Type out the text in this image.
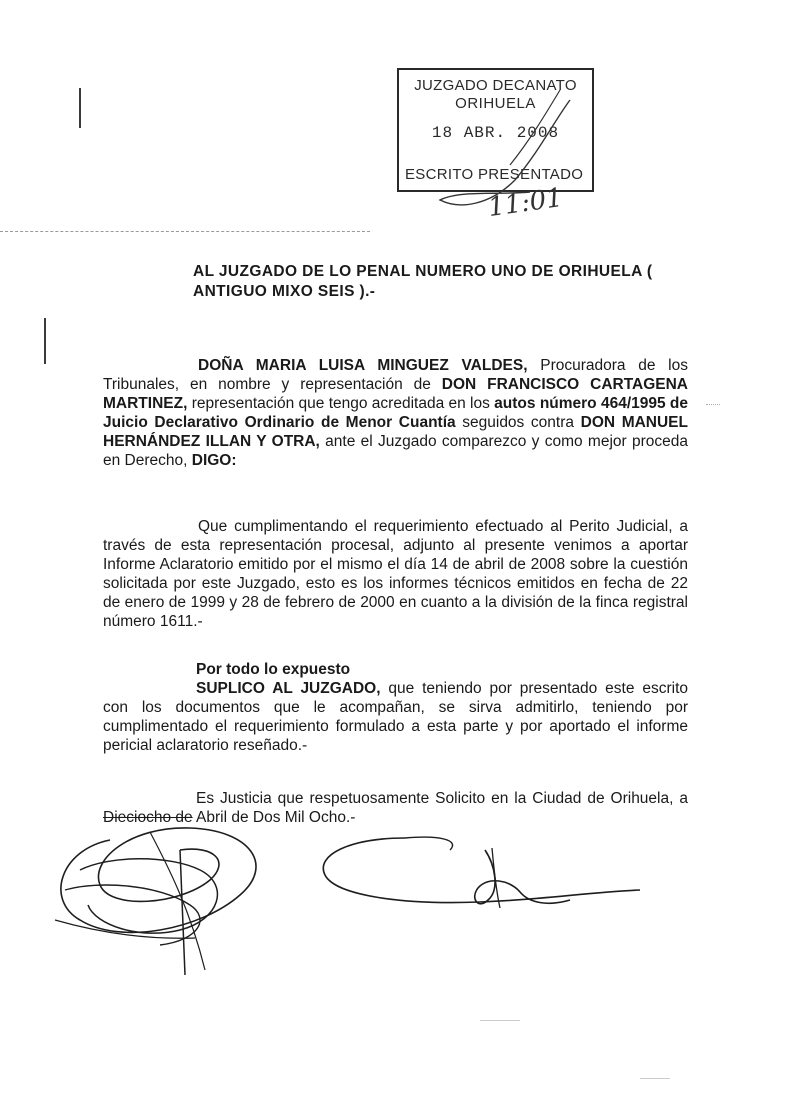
JUZGADO DECANATO
ORIHUELA
18 ABR. 2008
ESCRITO PRESENTADO
11:01
AL JUZGADO DE LO PENAL NUMERO UNO DE ORIHUELA (
ANTIGUO MIXO SEIS ).-

DOÑA MARIA LUISA MINGUEZ VALDES, Procuradora de los Tribunales, en nombre y representación de DON FRANCISCO CARTAGENA MARTINEZ, representación que tengo acreditada en los autos número 464/1995 de Juicio Declarativo Ordinario de Menor Cuantía seguidos contra DON MANUEL HERNÁNDEZ ILLAN Y OTRA, ante el Juzgado comparezco y como mejor proceda en Derecho, DIGO:

Que cumplimentando el requerimiento efectuado al Perito Judicial, a través de esta representación procesal, adjunto al presente venimos a aportar Informe Aclaratorio emitido por el mismo el día 14 de abril de 2008 sobre la cuestión solicitada por este Juzgado, esto es los informes técnicos emitidos en fecha de 22 de enero de 1999 y 28 de febrero de 2000 en cuanto a la división de la finca registral número 1611.-

Por todo lo expuesto

SUPLICO AL JUZGADO, que teniendo por presentado este escrito con los documentos que le acompañan, se sirva admitirlo, teniendo por cumplimentado el requerimiento formulado a esta parte y por aportado el informe pericial aclaratorio reseñado.-

Es Justicia que respetuosamente Solicito en la Ciudad de Orihuela, a Dieciocho de Abril de Dos Mil Ocho.-
